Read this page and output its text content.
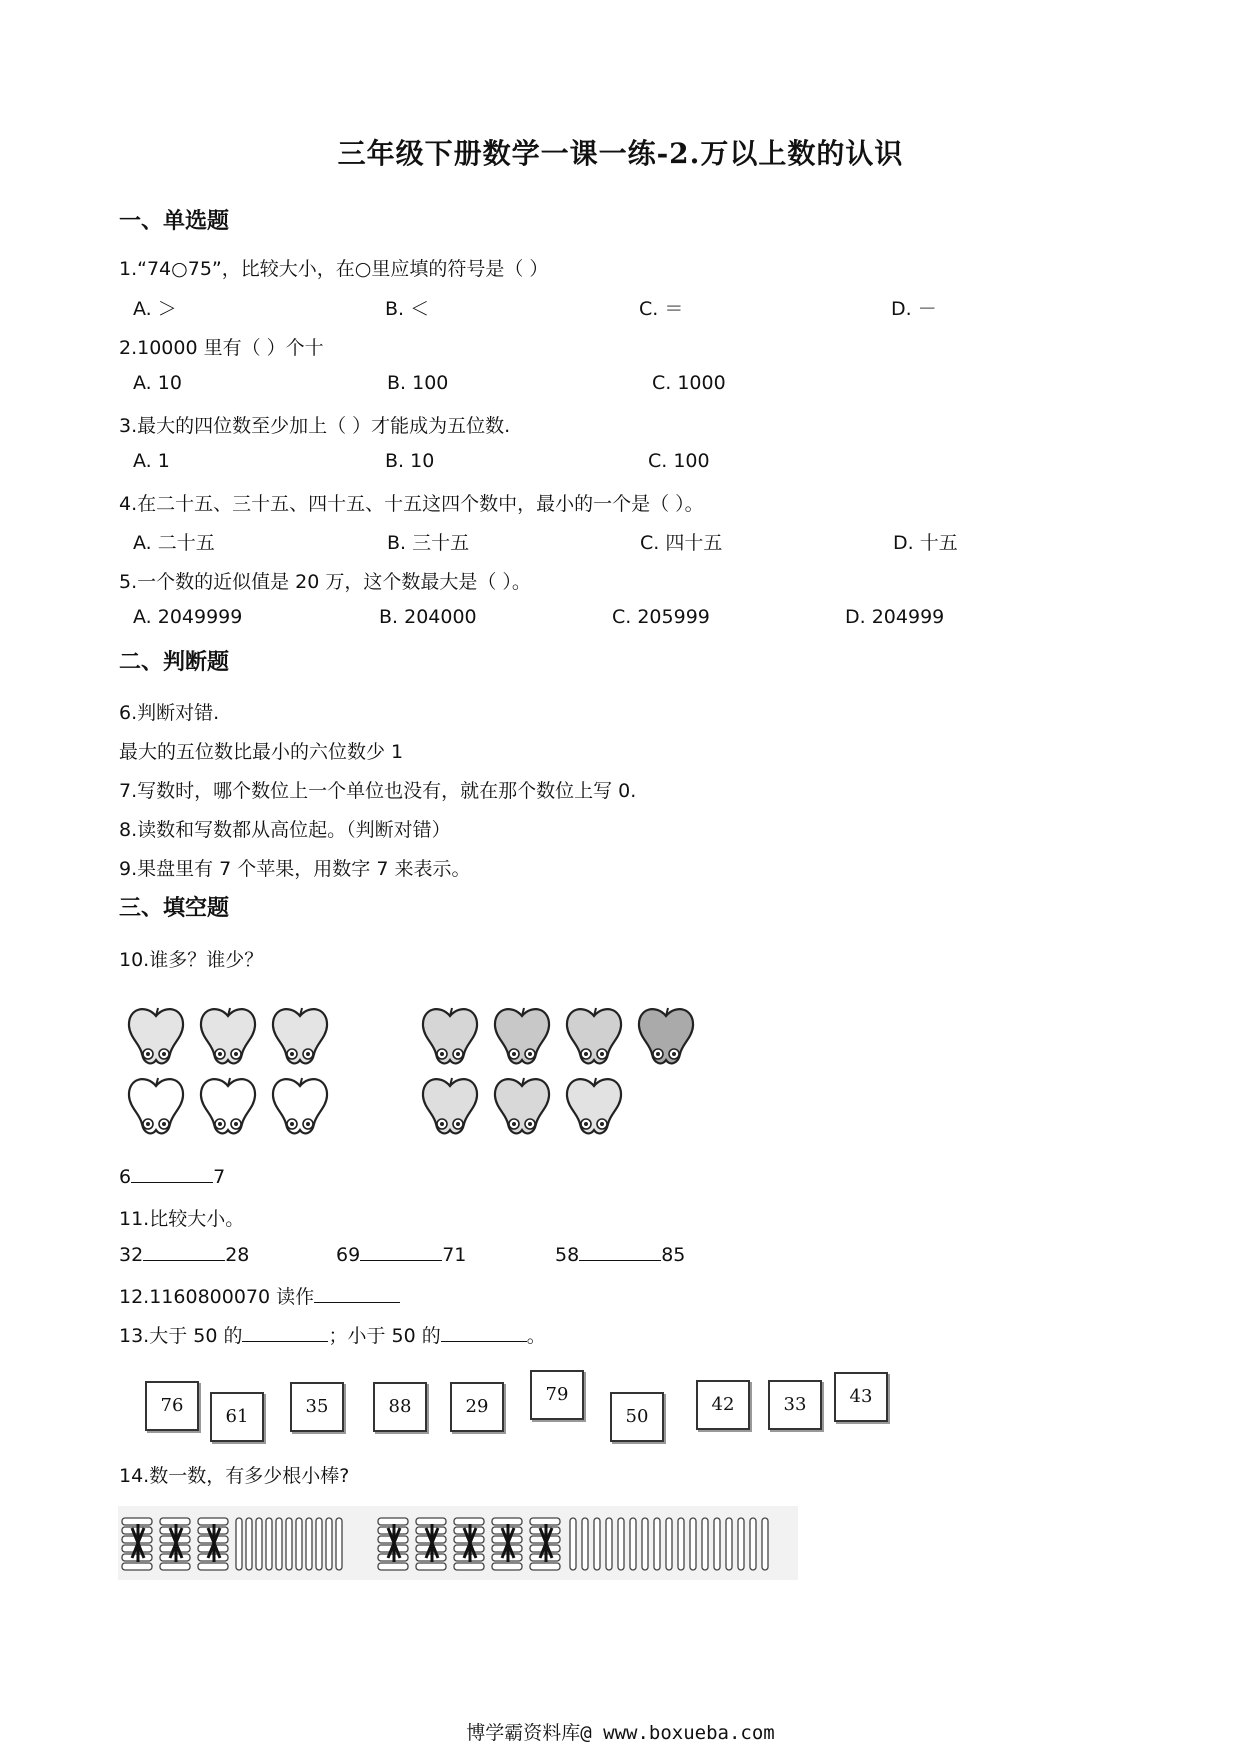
三年级下册数学一课一练-2.万以上数的认识
一、单选题
1.“74○75”，比较大小，在○里应填的符号是（ ）
A. ＞	B. ＜	C. ＝	D. －
2.10000 里有（ ）个十
A. 10	B. 100	C. 1000
3.最大的四位数至少加上（ ）才能成为五位数.
A. 1	B. 10	C. 100
4.在二十五、三十五、四十五、十五这四个数中，最小的一个是（ ）。
A. 二十五	B. 三十五	C. 四十五	D. 十五
5.一个数的近似值是 20 万，这个数最大是（ ）。
A. 2049999	B. 204000	C. 205999	D. 204999
二、判断题
6.判断对错.
最大的五位数比最小的六位数少 1
7.写数时，哪个数位上一个单位也没有，就在那个数位上写 0.
8.读数和写数都从高位起。（判断对错）
9.果盘里有 7 个苹果，用数字 7 来表示。
三、填空题
10.谁多？谁少？
6	7
11.比较大小。
32	28	69	71	58	85
12.1160800070 读作
13.大于 50 的	；小于 50 的	。
76
61	35	88	29
79
50
42	33	43
14.数一数，有多少根小棒?
博学霸资料库@ www.boxueba.com
